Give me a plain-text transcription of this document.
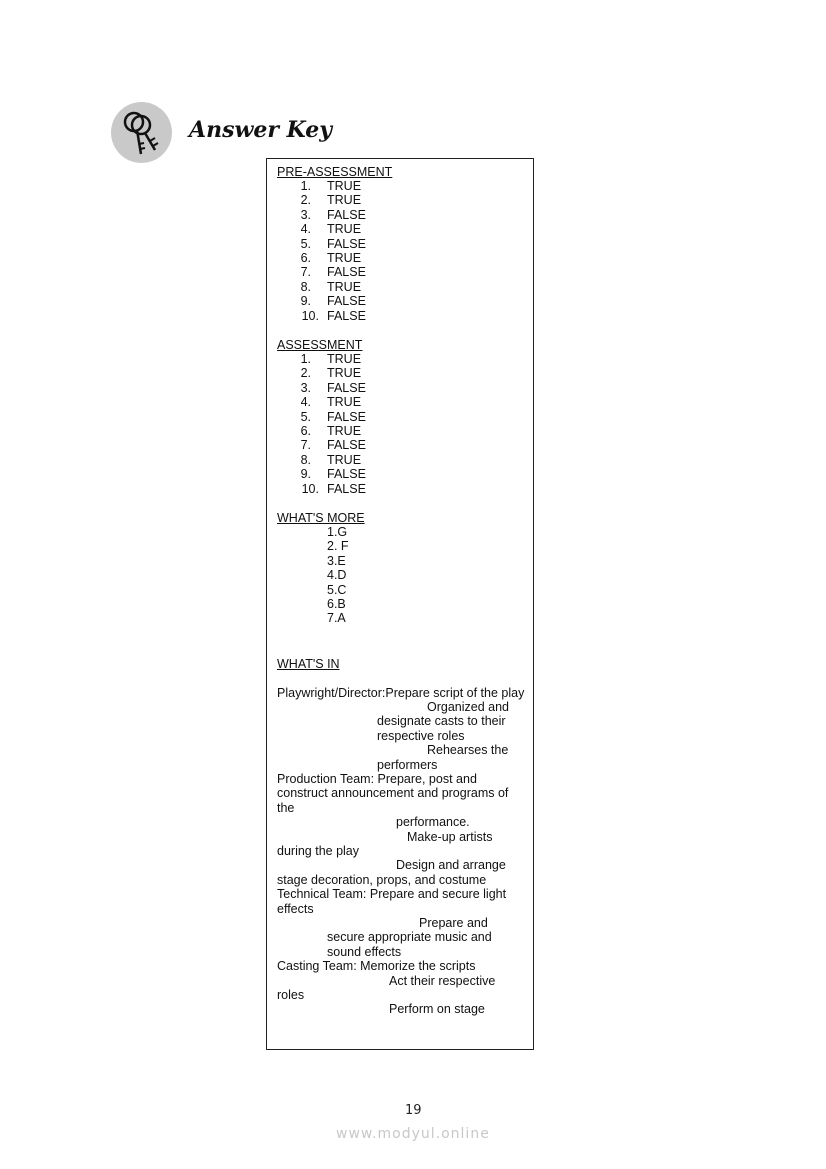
Answer Key
PRE-ASSESSMENT
1. TRUE
2. TRUE
3. FALSE
4. TRUE
5. FALSE
6. TRUE
7. FALSE
8. TRUE
9. FALSE
10. FALSE
ASSESSMENT
1. TRUE
2. TRUE
3. FALSE
4. TRUE
5. FALSE
6. TRUE
7. FALSE
8. TRUE
9. FALSE
10. FALSE
WHAT'S MORE
1.G
2. F
3.E
4.D
5.C
6.B
7.A
WHAT'S IN
Playwright/Director:Prepare script of the play
Organized and
designate casts to their
respective roles
Rehearses the
performers
Production Team: Prepare, post and
construct announcement and programs of
the
performance.
Make-up artists
during the play
Design and arrange
stage decoration, props, and costume
Technical Team: Prepare and secure light
effects
Prepare and
secure appropriate music and
sound effects
Casting Team: Memorize the scripts
Act their respective
roles
Perform on stage
19
www.modyul.online
